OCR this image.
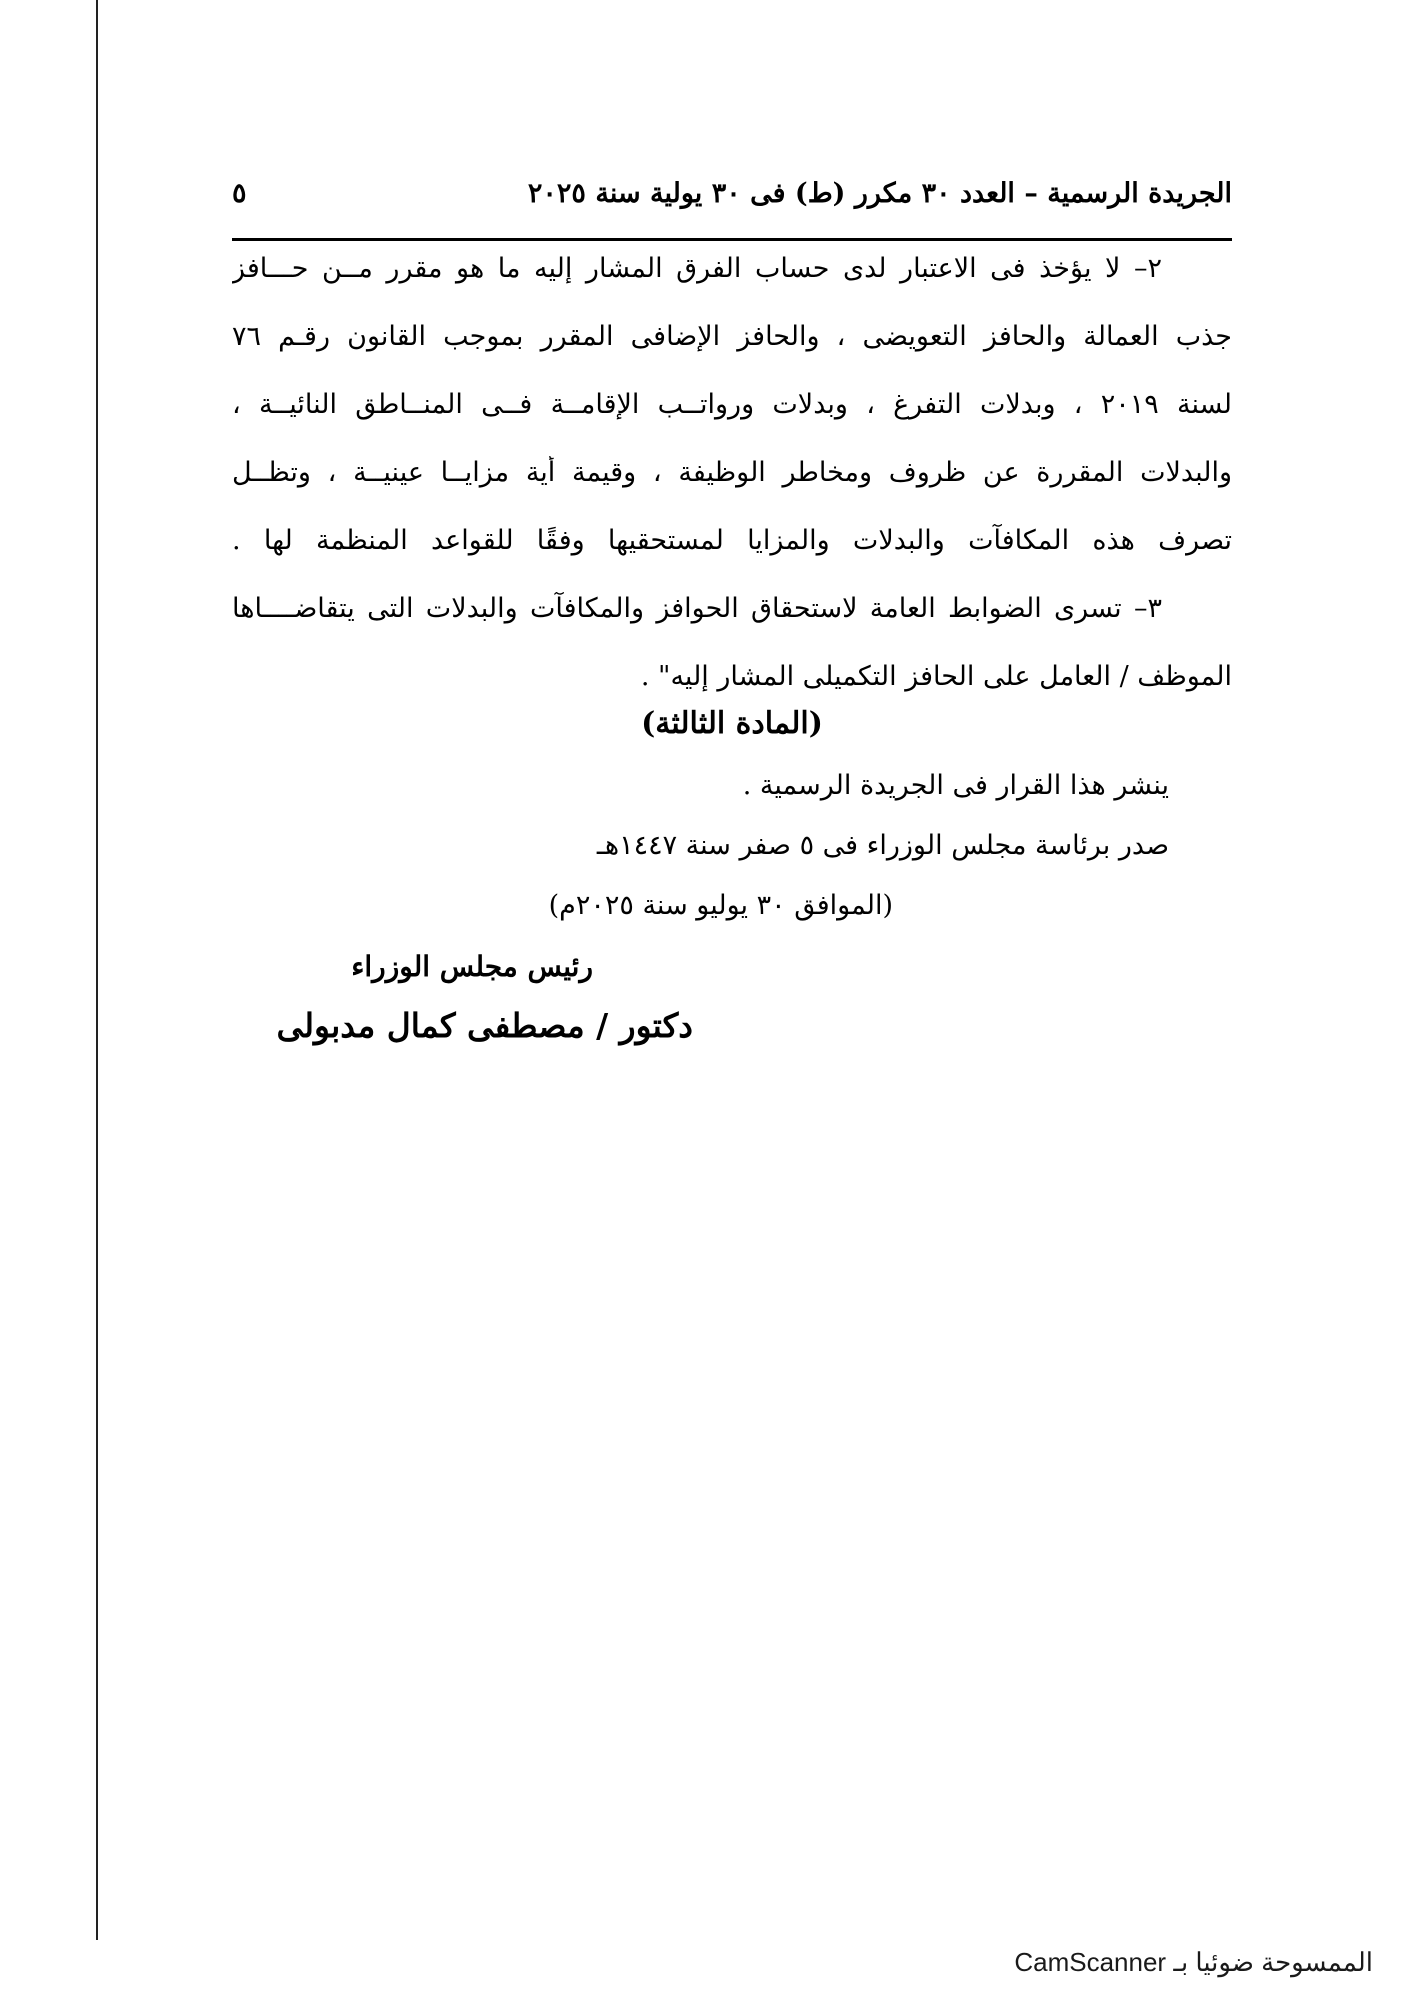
الجريدة الرسمية – العدد ٣٠ مكرر (ط) فى ٣٠ يولية سنة ٢٠٢٥
٥
٢– لا يؤخذ فى الاعتبار لدى حساب الفرق المشار إليه ما هو مقرر مــن حـــافز
جذب العمالة والحافز التعويضى ، والحافز الإضافى المقرر بموجب القانون رقـم ٧٦
لسنة ٢٠١٩ ، وبدلات التفرغ ، وبدلات ورواتــب الإقامــة فــى المنــاطق النائيــة ،
والبدلات المقررة عن ظروف ومخاطر الوظيفة ، وقيمة أية مزايــا عينيــة ، وتظــل
تصرف هذه المكافآت والبدلات والمزايا لمستحقيها وفقًا للقواعد المنظمة لها .
٣– تسرى الضوابط العامة لاستحقاق الحوافز والمكافآت والبدلات التى يتقاضــــاها
الموظف / العامل على الحافز التكميلى المشار إليه" .
(المادة الثالثة)
ينشر هذا القرار فى الجريدة الرسمية .
صدر برئاسة مجلس الوزراء فى ٥ صفر سنة ١٤٤٧هـ
(الموافق ٣٠ يوليو سنة ٢٠٢٥م)
رئيس مجلس الوزراء
دكتور / مصطفى كمال مدبولى
الممسوحة ضوئيا بـ CamScanner
